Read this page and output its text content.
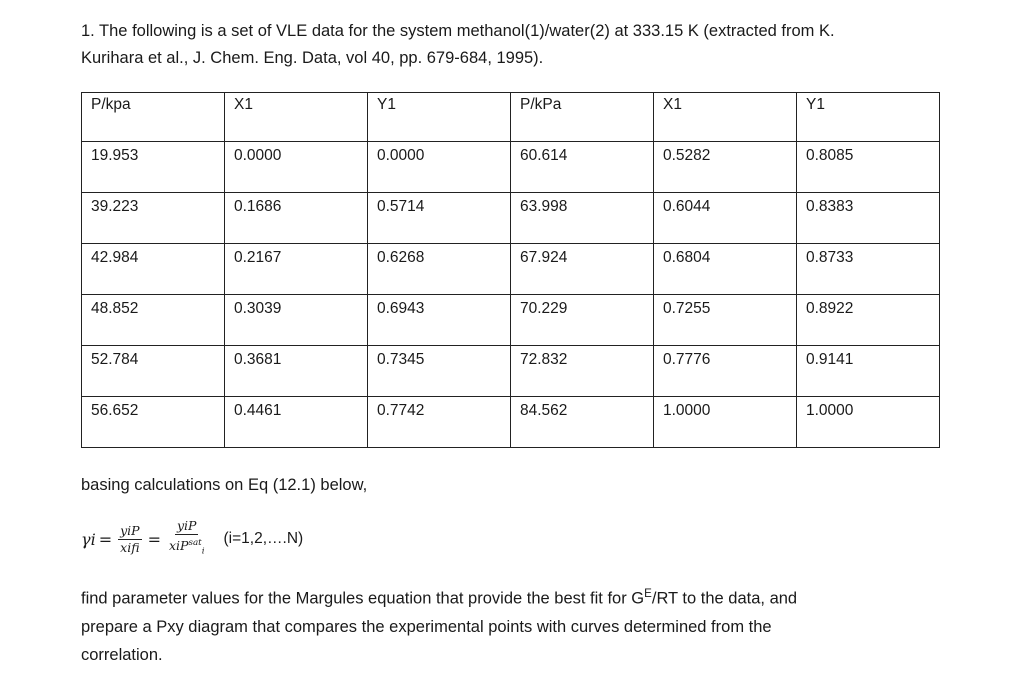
1. The following is a set of VLE data for the system methanol(1)/water(2) at 333.15 K (extracted from K.
Kurihara et al., J. Chem. Eng. Data, vol 40, pp. 679-684, 1995).
P/kpa	X1	Y1	P/kPa	X1	Y1
19.953	0.0000	0.0000	60.614	0.5282	0.8085
39.223	0.1686	0.5714	63.998	0.6044	0.8383
42.984	0.2167	0.6268	67.924	0.6804	0.8733
48.852	0.3039	0.6943	70.229	0.7255	0.8922
52.784	0.3681	0.7345	72.832	0.7776	0.9141
56.652	0.4461	0.7742	84.562	1.0000	1.0000
basing calculations on Eq (12.1) below,
$\gamma i = \frac{\text{yiP}}{\text{xifi}} = \frac{\text{yiP}}{xiP^{sat}_i}$ (i=1,2,….N)
find parameter values for the Margules equation that provide the best fit for $G^E/RT$ to the data, and
prepare a Pxy diagram that compares the experimental points with curves determined from the
correlation.
